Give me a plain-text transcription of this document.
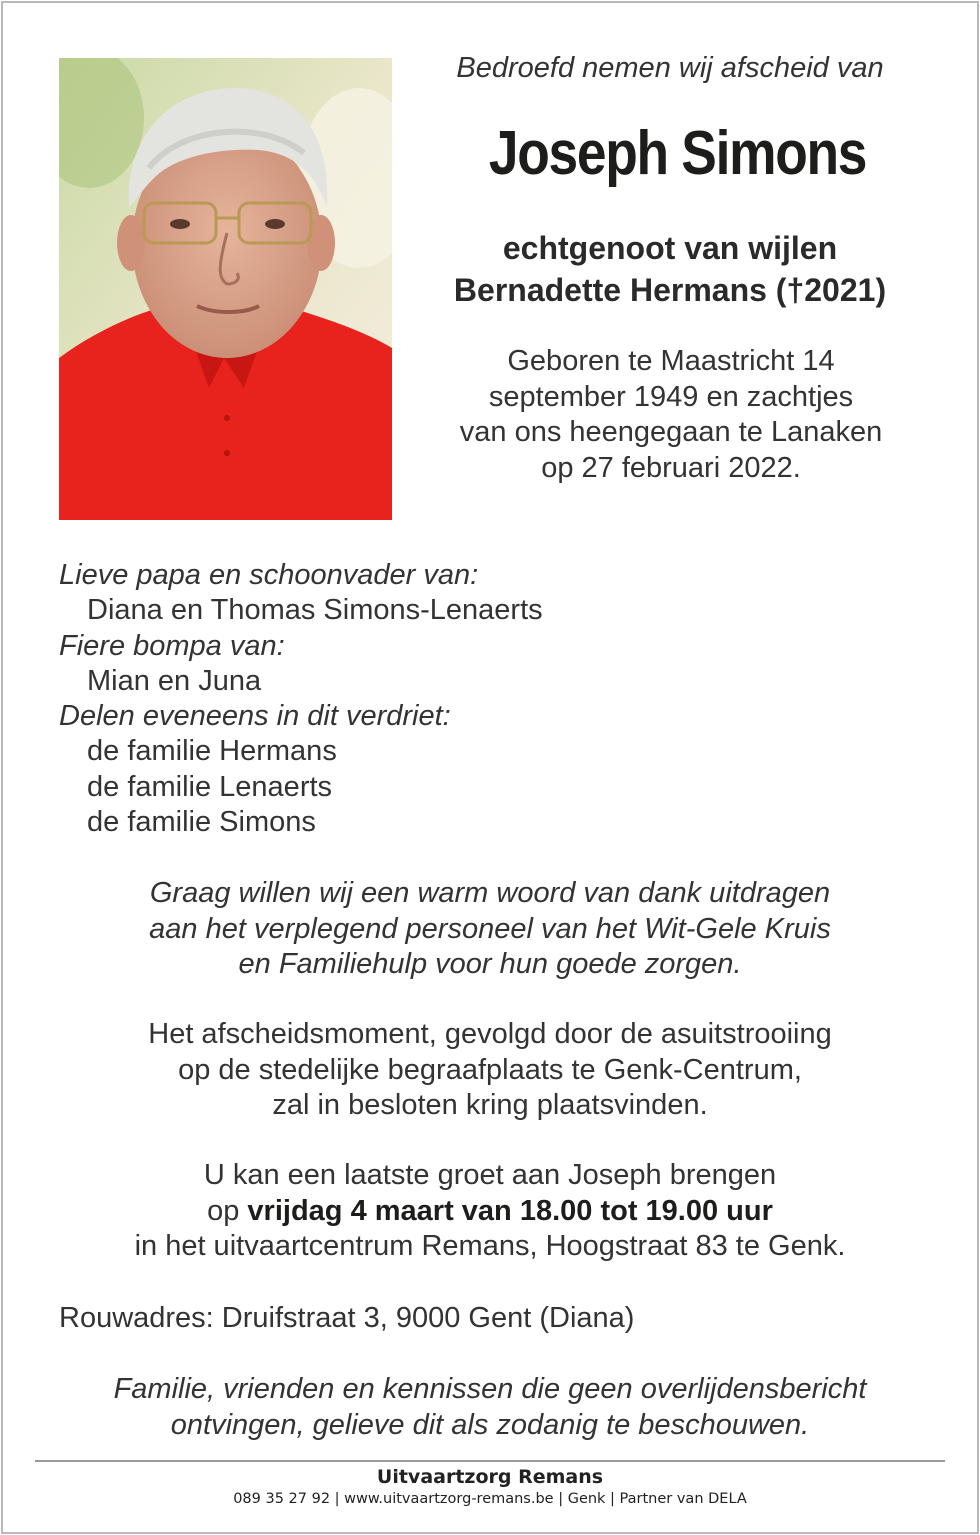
Bedroefd nemen wij afscheid van
Joseph Simons
echtgenoot van wijlen
Bernadette Hermans (†2021)
Geboren te Maastricht 14
september 1949 en zachtjes
van ons heengegaan te Lanaken
op 27 februari 2022.
Lieve papa en schoonvader van:
Diana en Thomas Simons-Lenaerts
Fiere bompa van:
Mian en Juna
Delen eveneens in dit verdriet:
de familie Hermans
de familie Lenaerts
de familie Simons
Graag willen wij een warm woord van dank uitdragen
aan het verplegend personeel van het Wit-Gele Kruis
en Familiehulp voor hun goede zorgen.
Het afscheidsmoment, gevolgd door de asuitstrooiing
op de stedelijke begraafplaats te Genk-Centrum,
zal in besloten kring plaatsvinden.
U kan een laatste groet aan Joseph brengen
op vrijdag 4 maart van 18.00 tot 19.00 uur
in het uitvaartcentrum Remans, Hoogstraat 83 te Genk.
Rouwadres: Druifstraat 3, 9000 Gent (Diana)
Familie, vrienden en kennissen die geen overlijdensbericht
ontvingen, gelieve dit als zodanig te beschouwen.
Uitvaartzorg Remans
089 35 27 92 | www.uitvaartzorg-remans.be | Genk | Partner van DELA
